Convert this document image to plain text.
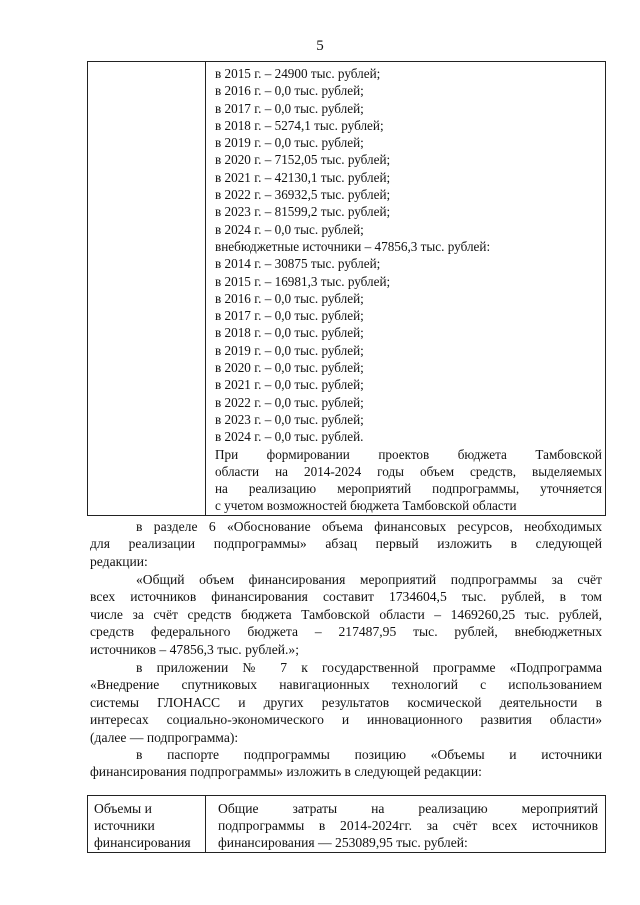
5
в 2015 г. – 24900 тыс. рублей;
в 2016 г. – 0,0 тыс. рублей;
в 2017 г. – 0,0 тыс. рублей;
в 2018 г. – 5274,1 тыс. рублей;
в 2019 г. – 0,0 тыс. рублей;
в 2020 г. – 7152,05 тыс. рублей;
в 2021 г. – 42130,1 тыс. рублей;
в 2022 г. – 36932,5 тыс. рублей;
в 2023 г. – 81599,2 тыс. рублей;
в 2024 г. – 0,0 тыс. рублей;
внебюджетные источники – 47856,3 тыс. рублей:
в 2014 г. – 30875 тыс. рублей;
в 2015 г. – 16981,3 тыс. рублей;
в 2016 г. – 0,0 тыс. рублей;
в 2017 г. – 0,0 тыс. рублей;
в 2018 г. – 0,0 тыс. рублей;
в 2019 г. – 0,0 тыс. рублей;
в 2020 г. – 0,0 тыс. рублей;
в 2021 г. – 0,0 тыс. рублей;
в 2022 г. – 0,0 тыс. рублей;
в 2023 г. – 0,0 тыс. рублей;
в 2024 г. – 0,0 тыс. рублей.
При формировании проектов бюджета Тамбовской
области на 2014-2024 годы объем средств, выделяемых
на реализацию мероприятий подпрограммы, уточняется
с учетом возможностей бюджета Тамбовской области
в разделе 6 «Обоснование объема финансовых ресурсов, необходимых
для реализации подпрограммы» абзац первый изложить в следующей
редакции:
«Общий объем финансирования мероприятий подпрограммы за счёт
всех источников финансирования составит 1734604,5 тыс. рублей, в том
числе за счёт средств бюджета Тамбовской области – 1469260,25 тыс. рублей,
средств федерального бюджета – 217487,95 тыс. рублей, внебюджетных
источников – 47856,3 тыс. рублей.»;
в приложении № 7 к государственной программе «Подпрограмма
«Внедрение спутниковых навигационных технологий с использованием
системы ГЛОНАСС и других результатов космической деятельности в
интересах социально-экономического и инновационного развития области»
(далее — подпрограмма):
в паспорте подпрограммы позицию «Объемы и источники
финансирования подпрограммы» изложить в следующей редакции:
Объемы и
источники
финансирования
Общие затраты на реализацию мероприятий
подпрограммы в 2014-2024гг. за счёт всех источников
финансирования — 253089,95 тыс. рублей:
